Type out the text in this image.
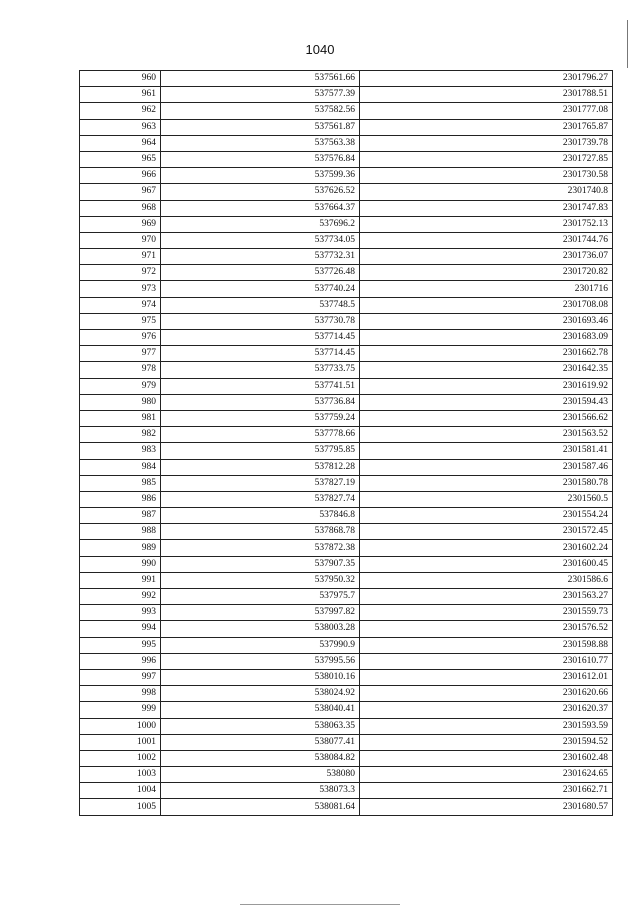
1040
960	537561.66	2301796.27
961	537577.39	2301788.51
962	537582.56	2301777.08
963	537561.87	2301765.87
964	537563.38	2301739.78
965	537576.84	2301727.85
966	537599.36	2301730.58
967	537626.52	2301740.8
968	537664.37	2301747.83
969	537696.2	2301752.13
970	537734.05	2301744.76
971	537732.31	2301736.07
972	537726.48	2301720.82
973	537740.24	2301716
974	537748.5	2301708.08
975	537730.78	2301693.46
976	537714.45	2301683.09
977	537714.45	2301662.78
978	537733.75	2301642.35
979	537741.51	2301619.92
980	537736.84	2301594.43
981	537759.24	2301566.62
982	537778.66	2301563.52
983	537795.85	2301581.41
984	537812.28	2301587.46
985	537827.19	2301580.78
986	537827.74	2301560.5
987	537846.8	2301554.24
988	537868.78	2301572.45
989	537872.38	2301602.24
990	537907.35	2301600.45
991	537950.32	2301586.6
992	537975.7	2301563.27
993	537997.82	2301559.73
994	538003.28	2301576.52
995	537990.9	2301598.88
996	537995.56	2301610.77
997	538010.16	2301612.01
998	538024.92	2301620.66
999	538040.41	2301620.37
1000	538063.35	2301593.59
1001	538077.41	2301594.52
1002	538084.82	2301602.48
1003	538080	2301624.65
1004	538073.3	2301662.71
1005	538081.64	2301680.57
